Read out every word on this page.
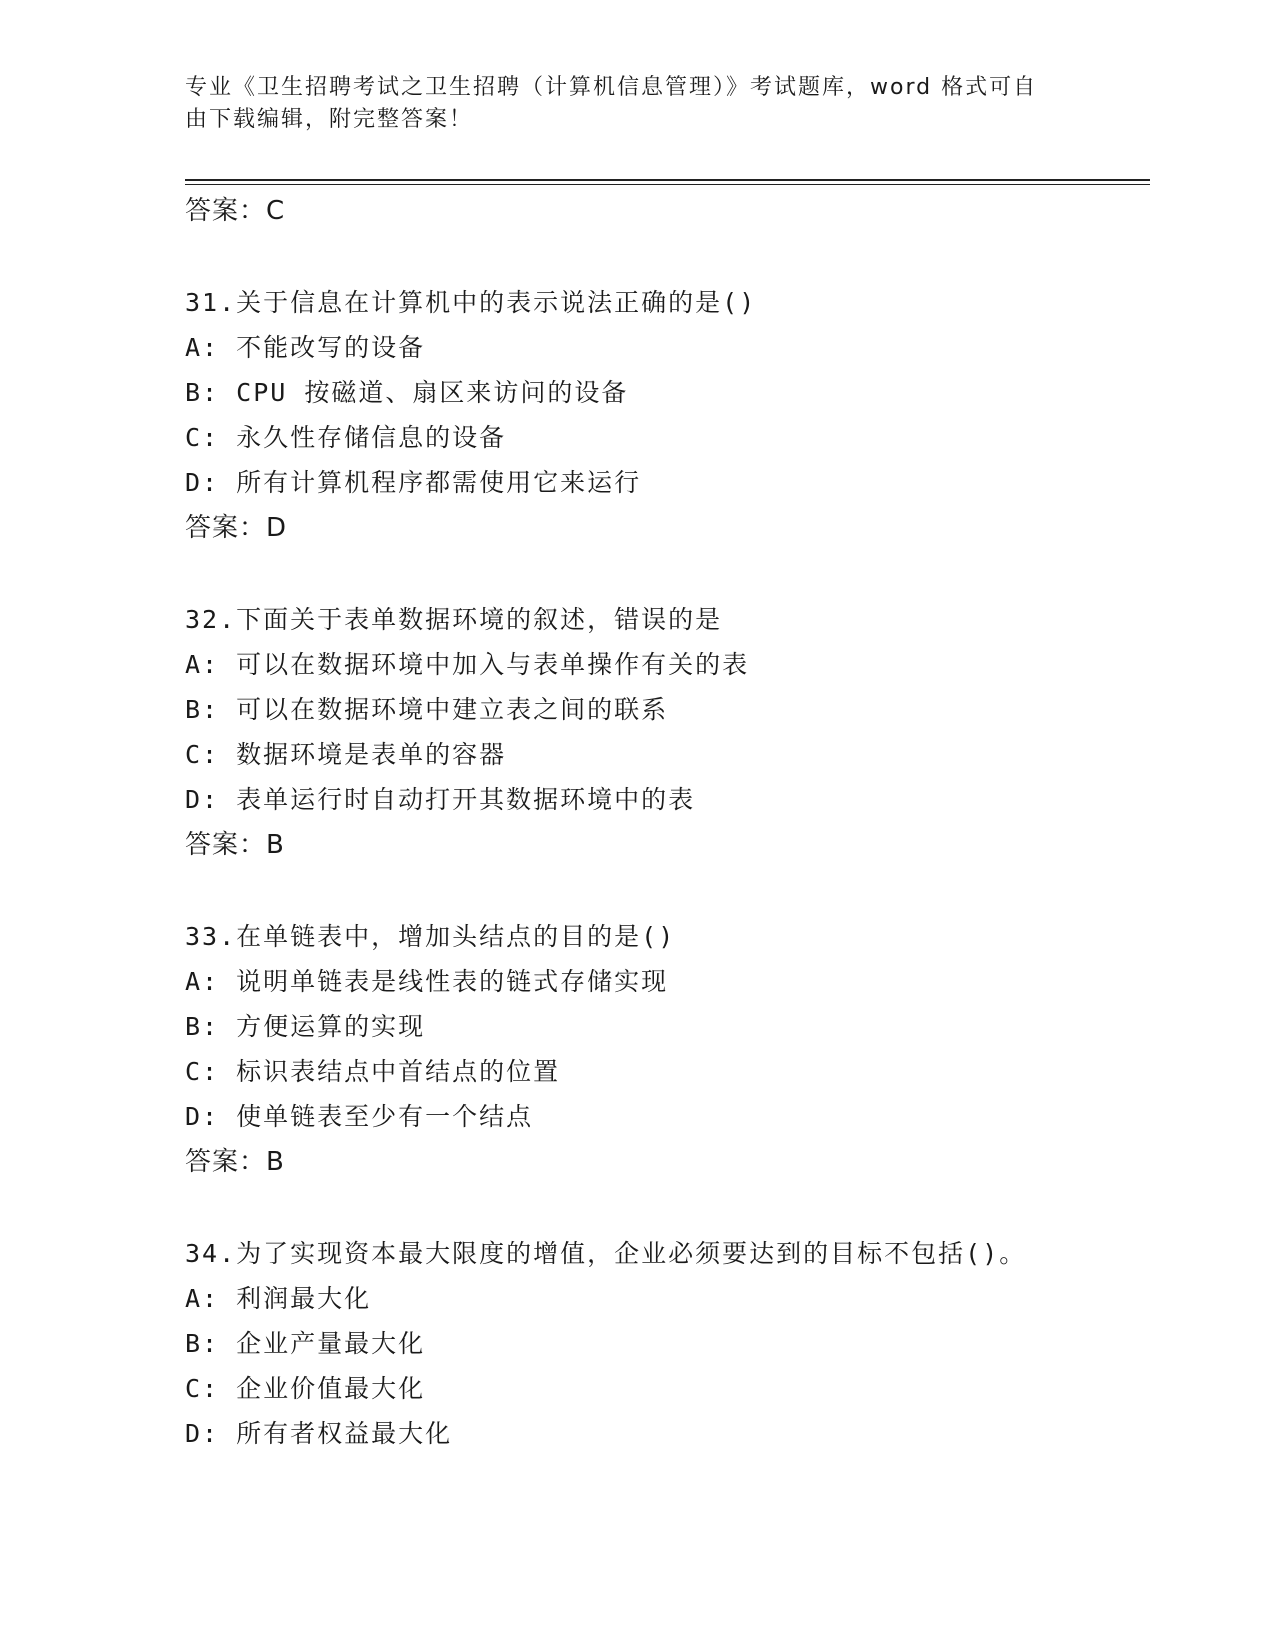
专业《卫生招聘考试之卫生招聘（计算机信息管理）》考试题库，word 格式可自
由下载编辑，附完整答案！
答案：C
31.关于信息在计算机中的表示说法正确的是()
A: 不能改写的设备
B: CPU 按磁道、扇区来访问的设备
C: 永久性存储信息的设备
D: 所有计算机程序都需使用它来运行
答案：D
32.下面关于表单数据环境的叙述，错误的是
A: 可以在数据环境中加入与表单操作有关的表
B: 可以在数据环境中建立表之间的联系
C: 数据环境是表单的容器
D: 表单运行时自动打开其数据环境中的表
答案：B
33.在单链表中，增加头结点的目的是()
A: 说明单链表是线性表的链式存储实现
B: 方便运算的实现
C: 标识表结点中首结点的位置
D: 使单链表至少有一个结点
答案：B
34.为了实现资本最大限度的增值，企业必须要达到的目标不包括()。
A: 利润最大化
B: 企业产量最大化
C: 企业价值最大化
D: 所有者权益最大化
